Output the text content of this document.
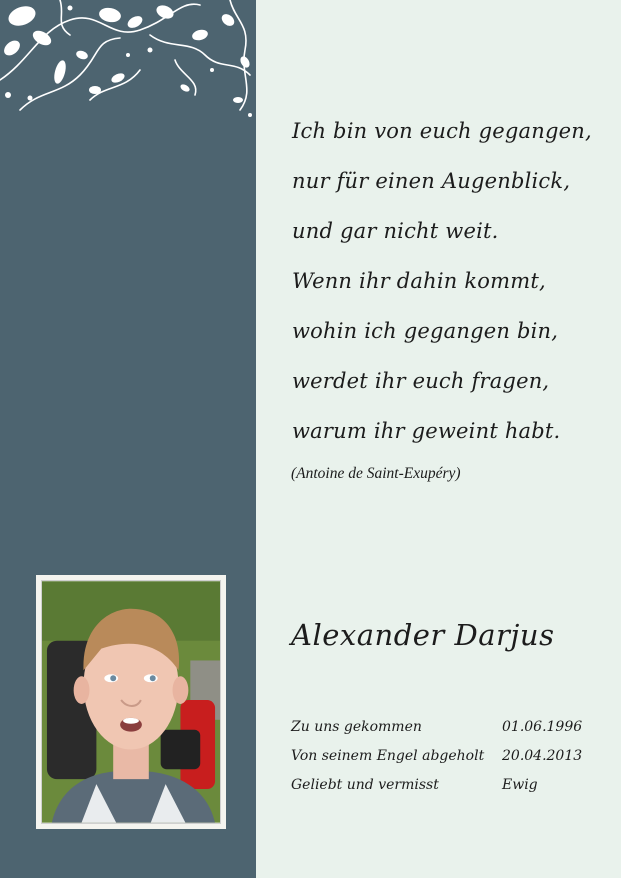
Ich bin von euch gegangen,
nur für einen Augenblick,
und gar nicht weit.
Wenn ihr dahin kommt,
wohin ich gegangen bin,
werdet ihr euch fragen,
warum ihr geweint habt.
(Antoine de Saint-Exupéry)
Alexander Darjus
Zu uns gekommen	01.06.1996
Von seinem Engel abgeholt	20.04.2013
Geliebt und vermisst	Ewig
